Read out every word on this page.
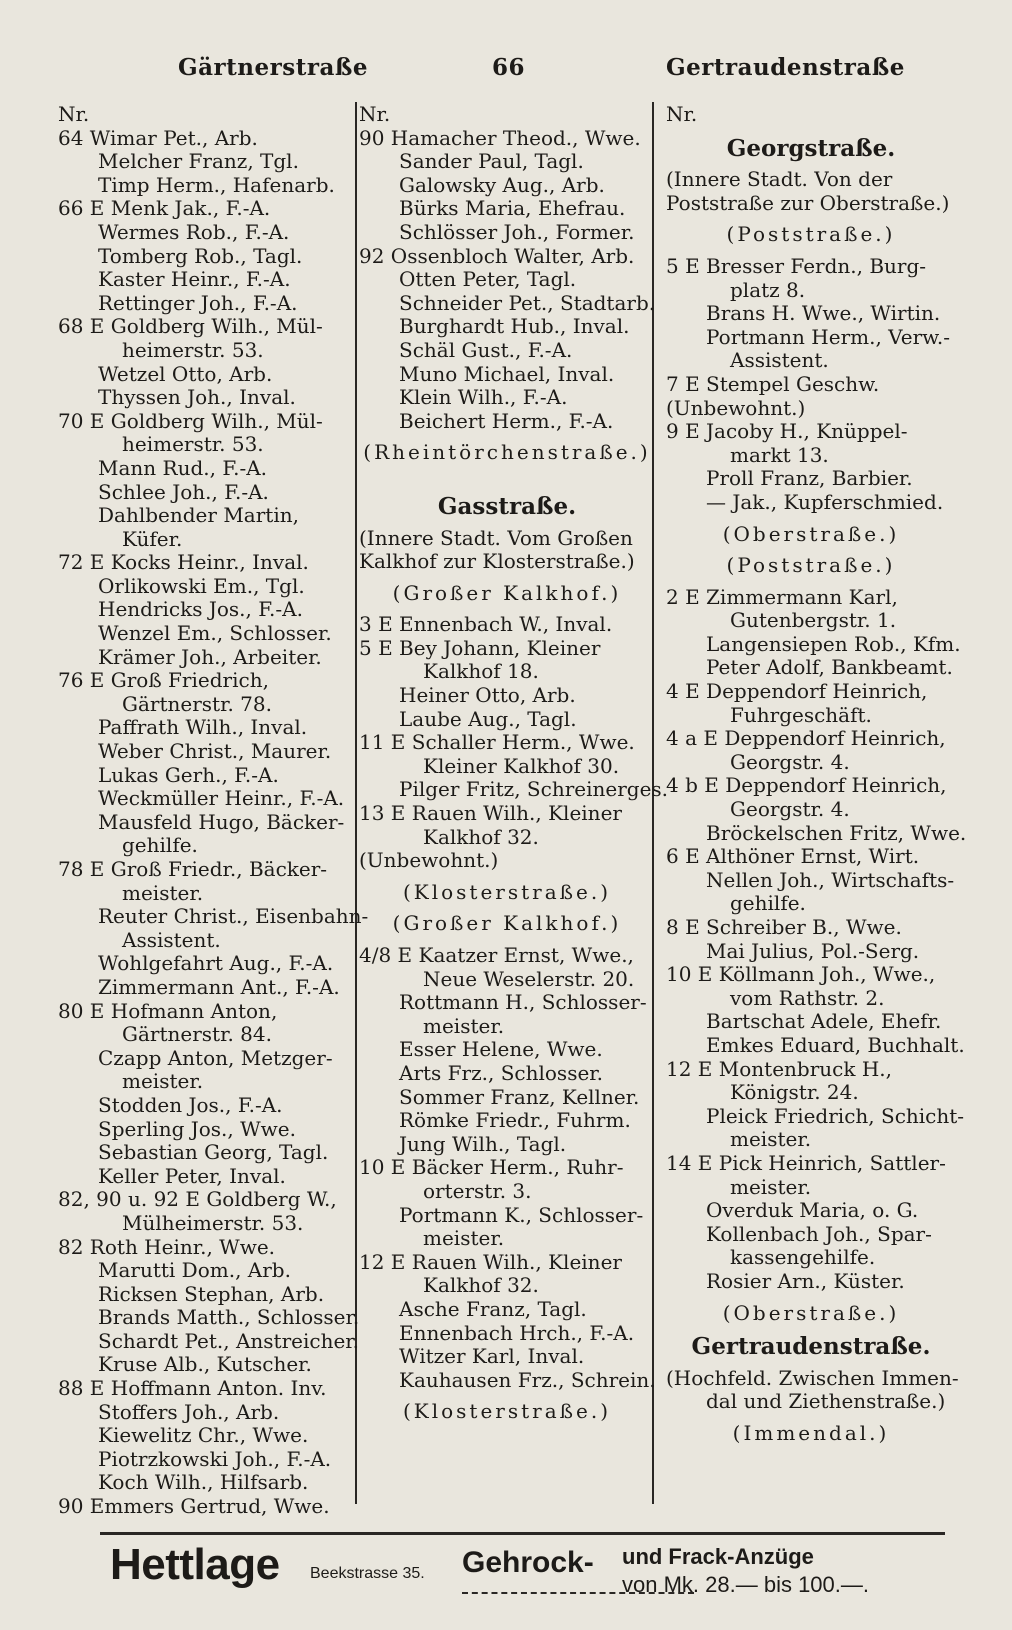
Gärtnerstraße	66	Gertraudenstraße
Nr.
64 Wimar Pet., Arb.
Melcher Franz, Tgl.
Timp Herm., Hafenarb.
66 E Menk Jak., F.-A.
Wermes Rob., F.-A.
Tomberg Rob., Tagl.
Kaster Heinr., F.-A.
Rettinger Joh., F.-A.
68 E Goldberg Wilh., Mül-
heimerstr. 53.
Wetzel Otto, Arb.
Thyssen Joh., Inval.
70 E Goldberg Wilh., Mül-
heimerstr. 53.
Mann Rud., F.-A.
Schlee Joh., F.-A.
Dahlbender Martin,
Küfer.
72 E Kocks Heinr., Inval.
Orlikowski Em., Tgl.
Hendricks Jos., F.-A.
Wenzel Em., Schlosser.
Krämer Joh., Arbeiter.
76 E Groß Friedrich,
Gärtnerstr. 78.
Paffrath Wilh., Inval.
Weber Christ., Maurer.
Lukas Gerh., F.-A.
Weckmüller Heinr., F.-A.
Mausfeld Hugo, Bäcker-
gehilfe.
78 E Groß Friedr., Bäcker-
meister.
Reuter Christ., Eisenbahn-
Assistent.
Wohlgefahrt Aug., F.-A.
Zimmermann Ant., F.-A.
80 E Hofmann Anton,
Gärtnerstr. 84.
Czapp Anton, Metzger-
meister.
Stodden Jos., F.-A.
Sperling Jos., Wwe.
Sebastian Georg, Tagl.
Keller Peter, Inval.
82, 90 u. 92 E Goldberg W.,
Mülheimerstr. 53.
82 Roth Heinr., Wwe.
Marutti Dom., Arb.
Ricksen Stephan, Arb.
Brands Matth., Schlosser.
Schardt Pet., Anstreicher.
Kruse Alb., Kutscher.
88 E Hoffmann Anton. Inv.
Stoffers Joh., Arb.
Kiewelitz Chr., Wwe.
Piotrzkowski Joh., F.-A.
Koch Wilh., Hilfsarb.
90 Emmers Gertrud, Wwe.
Nr.
90 Hamacher Theod., Wwe.
Sander Paul, Tagl.
Galowsky Aug., Arb.
Bürks Maria, Ehefrau.
Schlösser Joh., Former.
92 Ossenbloch Walter, Arb.
Otten Peter, Tagl.
Schneider Pet., Stadtarb.
Burghardt Hub., Inval.
Schäl Gust., F.-A.
Muno Michael, Inval.
Klein Wilh., F.-A.
Beichert Herm., F.-A.
(Rheintörchenstraße.)
Gasstraße.
(Innere Stadt. Vom Großen
Kalkhof zur Klosterstraße.)
(Großer Kalkhof.)
3 E Ennenbach W., Inval.
5 E Bey Johann, Kleiner
Kalkhof 18.
Heiner Otto, Arb.
Laube Aug., Tagl.
11 E Schaller Herm., Wwe.
Kleiner Kalkhof 30.
Pilger Fritz, Schreinerges.
13 E Rauen Wilh., Kleiner
Kalkhof 32.
(Unbewohnt.)
(Klosterstraße.)
(Großer Kalkhof.)
4/8 E Kaatzer Ernst, Wwe.,
Neue Weselerstr. 20.
Rottmann H., Schlosser-
meister.
Esser Helene, Wwe.
Arts Frz., Schlosser.
Sommer Franz, Kellner.
Römke Friedr., Fuhrm.
Jung Wilh., Tagl.
10 E Bäcker Herm., Ruhr-
orterstr. 3.
Portmann K., Schlosser-
meister.
12 E Rauen Wilh., Kleiner
Kalkhof 32.
Asche Franz, Tagl.
Ennenbach Hrch., F.-A.
Witzer Karl, Inval.
Kauhausen Frz., Schrein.
(Klosterstraße.)
Nr.
Georgstraße.
(Innere Stadt. Von der
Poststraße zur Oberstraße.)
(Poststraße.)
5 E Bresser Ferdn., Burg-
platz 8.
Brans H. Wwe., Wirtin.
Portmann Herm., Verw.-
Assistent.
7 E Stempel Geschw.
(Unbewohnt.)
9 E Jacoby H., Knüppel-
markt 13.
Proll Franz, Barbier.
— Jak., Kupferschmied.
(Oberstraße.)
(Poststraße.)
2 E Zimmermann Karl,
Gutenbergstr. 1.
Langensiepen Rob., Kfm.
Peter Adolf, Bankbeamt.
4 E Deppendorf Heinrich,
Fuhrgeschäft.
4 a E Deppendorf Heinrich,
Georgstr. 4.
4 b E Deppendorf Heinrich,
Georgstr. 4.
Bröckelschen Fritz, Wwe.
6 E Althöner Ernst, Wirt.
Nellen Joh., Wirtschafts-
gehilfe.
8 E Schreiber B., Wwe.
Mai Julius, Pol.-Serg.
10 E Köllmann Joh., Wwe.,
vom Rathstr. 2.
Bartschat Adele, Ehefr.
Emkes Eduard, Buchhalt.
12 E Montenbruck H.,
Königstr. 24.
Pleick Friedrich, Schicht-
meister.
14 E Pick Heinrich, Sattler-
meister.
Overduk Maria, o. G.
Kollenbach Joh., Spar-
kassengehilfe.
Rosier Arn., Küster.
(Oberstraße.)
Gertraudenstraße.
(Hochfeld. Zwischen Immen-
dal und Ziethenstraße.)
(Immendal.)
Hettlage Beekstrasse 35. Gehrock- und Frack-Anzüge
von Mk. 28.— bis 100.—.
